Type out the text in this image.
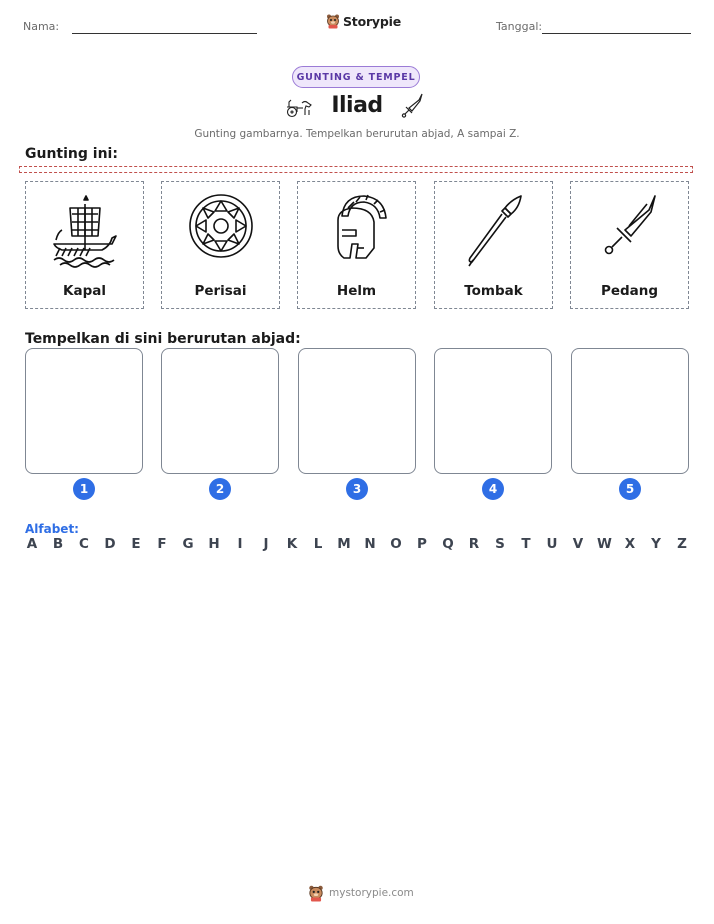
Nama:	Storypie	Tanggal:
GUNTING & TEMPEL
Iliad
Gunting gambarnya. Tempelkan berurutan abjad, A sampai Z.
Gunting ini:
Kapal	Perisai	Helm	Tombak	Pedang
Tempelkan di sini berurutan abjad:
1	2	3	4	5
Alfabet:
A B C D E F G H	I	J	K L M N O P Q R S T U V W X Y Z
mystorypie.com
